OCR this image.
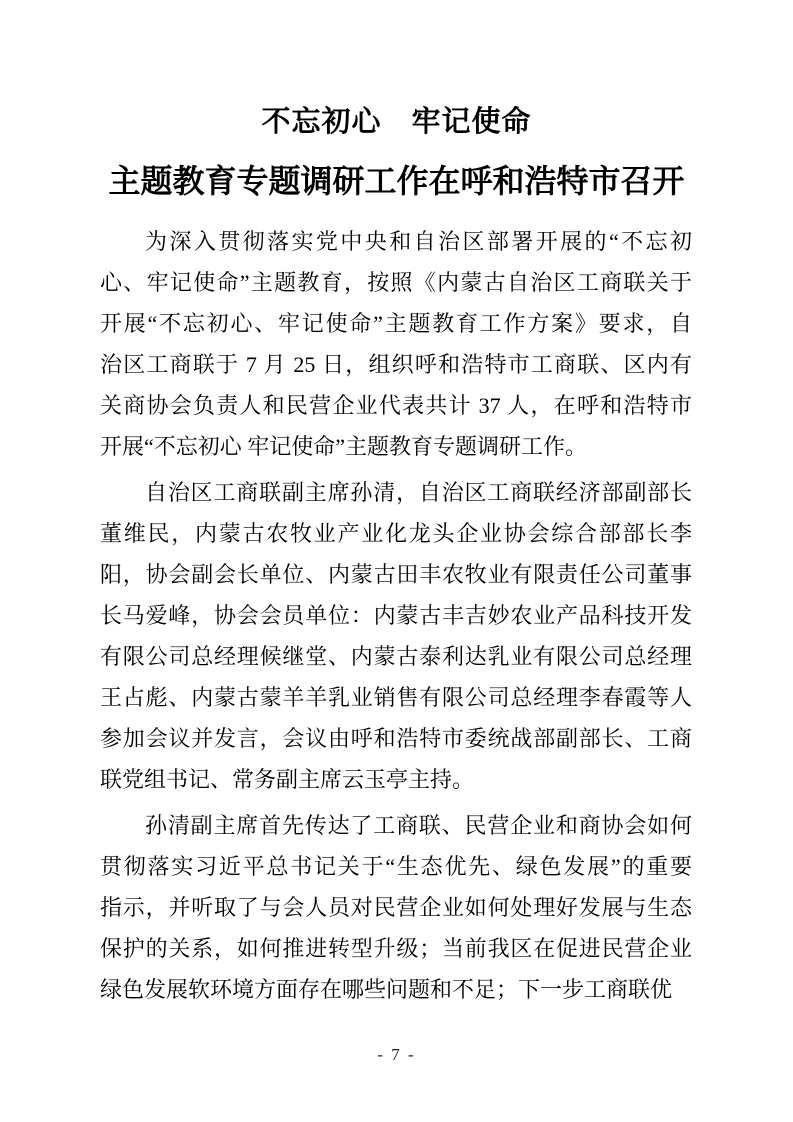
不忘初心　牢记使命
主题教育专题调研工作在呼和浩特市召开
为深入贯彻落实党中央和自治区部署开展的“不忘初
心、牢记使命”主题教育，按照《内蒙古自治区工商联关于
开展“不忘初心、牢记使命”主题教育工作方案》要求，自
治区工商联于 7 月 25 日，组织呼和浩特市工商联、区内有
关商协会负责人和民营企业代表共计 37 人，在呼和浩特市
开展“不忘初心 牢记使命”主题教育专题调研工作。
自治区工商联副主席孙清，自治区工商联经济部副部长
董维民，内蒙古农牧业产业化龙头企业协会综合部部长李
阳，协会副会长单位、内蒙古田丰农牧业有限责任公司董事
长马爱峰，协会会员单位：内蒙古丰吉妙农业产品科技开发
有限公司总经理候继堂、内蒙古泰利达乳业有限公司总经理
王占彪、内蒙古蒙羊羊乳业销售有限公司总经理李春霞等人
参加会议并发言，会议由呼和浩特市委统战部副部长、工商
联党组书记、常务副主席云玉亭主持。
孙清副主席首先传达了工商联、民营企业和商协会如何
贯彻落实习近平总书记关于“生态优先、绿色发展”的重要
指示，并听取了与会人员对民营企业如何处理好发展与生态
保护的关系，如何推进转型升级；当前我区在促进民营企业
绿色发展软环境方面存在哪些问题和不足；下一步工商联优
- 7 -
